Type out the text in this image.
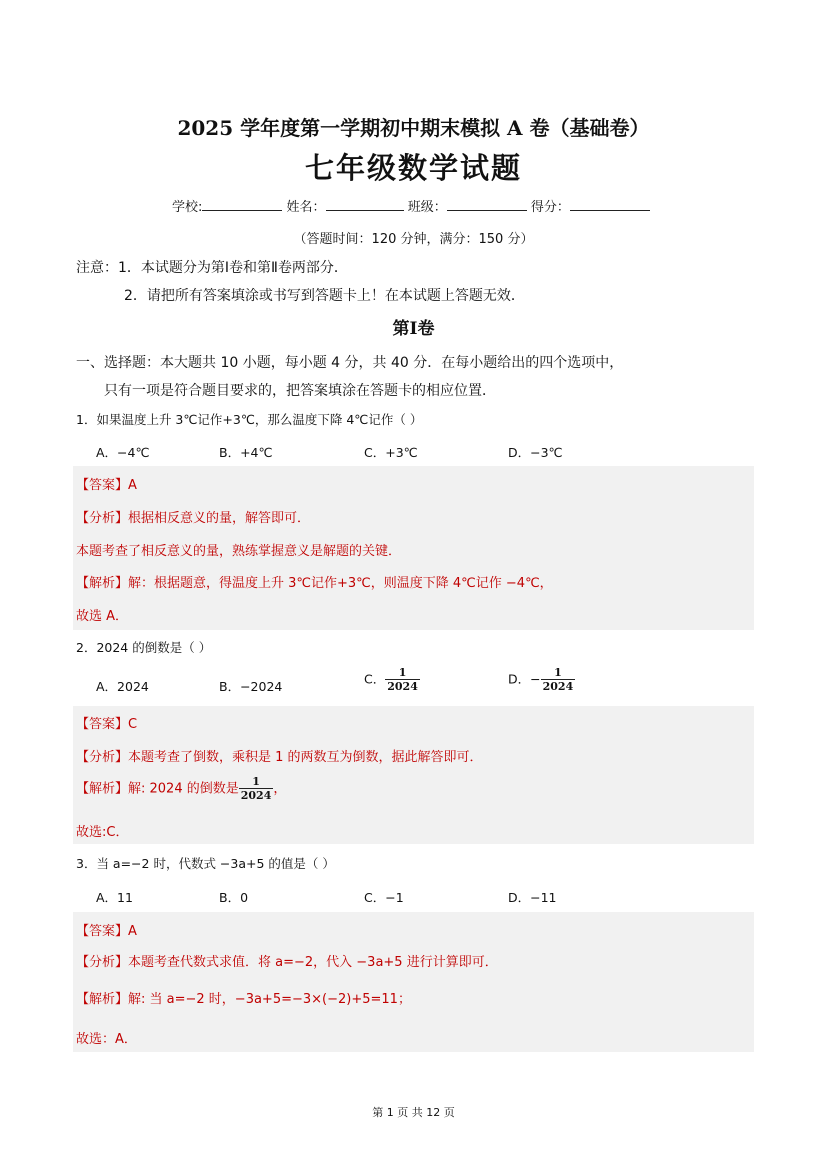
2025 学年度第一学期初中期末模拟 A 卷（基础卷）
七年级数学试题
学校:	姓名：	班级：	得分：
（答题时间：120 分钟，满分：150 分）
注意：1．本试题分为第Ⅰ卷和第Ⅱ卷两部分．
2．请把所有答案填涂或书写到答题卡上！在本试题上答题无效．
第Ⅰ卷
一、选择题：本大题共 10 小题，每小题 4 分，共 40 分．在每小题给出的四个选项中，
只有一项是符合题目要求的，把答案填涂在答题卡的相应位置．
1．如果温度上升 3℃记作+3℃，那么温度下降 4℃记作（ ）
A．−4℃	B．+4℃	C．+3℃	D．−3℃
【答案】A
【分析】根据相反意义的量，解答即可．
本题考查了相反意义的量，熟练掌握意义是解题的关键．
【解析】解：根据题意，得温度上升 3℃记作+3℃，则温度下降 4℃记作 −4℃，
故选 A．
2．2024 的倒数是（ ）
A．2024	B．−2024	C． $\frac{1}{2024}$	D．− $\frac{1}{2024}$
【答案】C
【分析】本题考查了倒数，乘积是 1 的两数互为倒数，据此解答即可．
【解析】解: 2024 的倒数是 $\frac{1}{2024}$ ，
故选:C．
3．当 a=−2 时，代数式 −3a+5 的值是（ ）
A．11	B．0	C．−1	D．−11
【答案】A
【分析】本题考查代数式求值．将 a=−2，代入 −3a+5 进行计算即可．
【解析】解: 当 a=−2 时，−3a+5=−3×(−2)+5=11；
故选：A．
第 1 页 共 12 页
